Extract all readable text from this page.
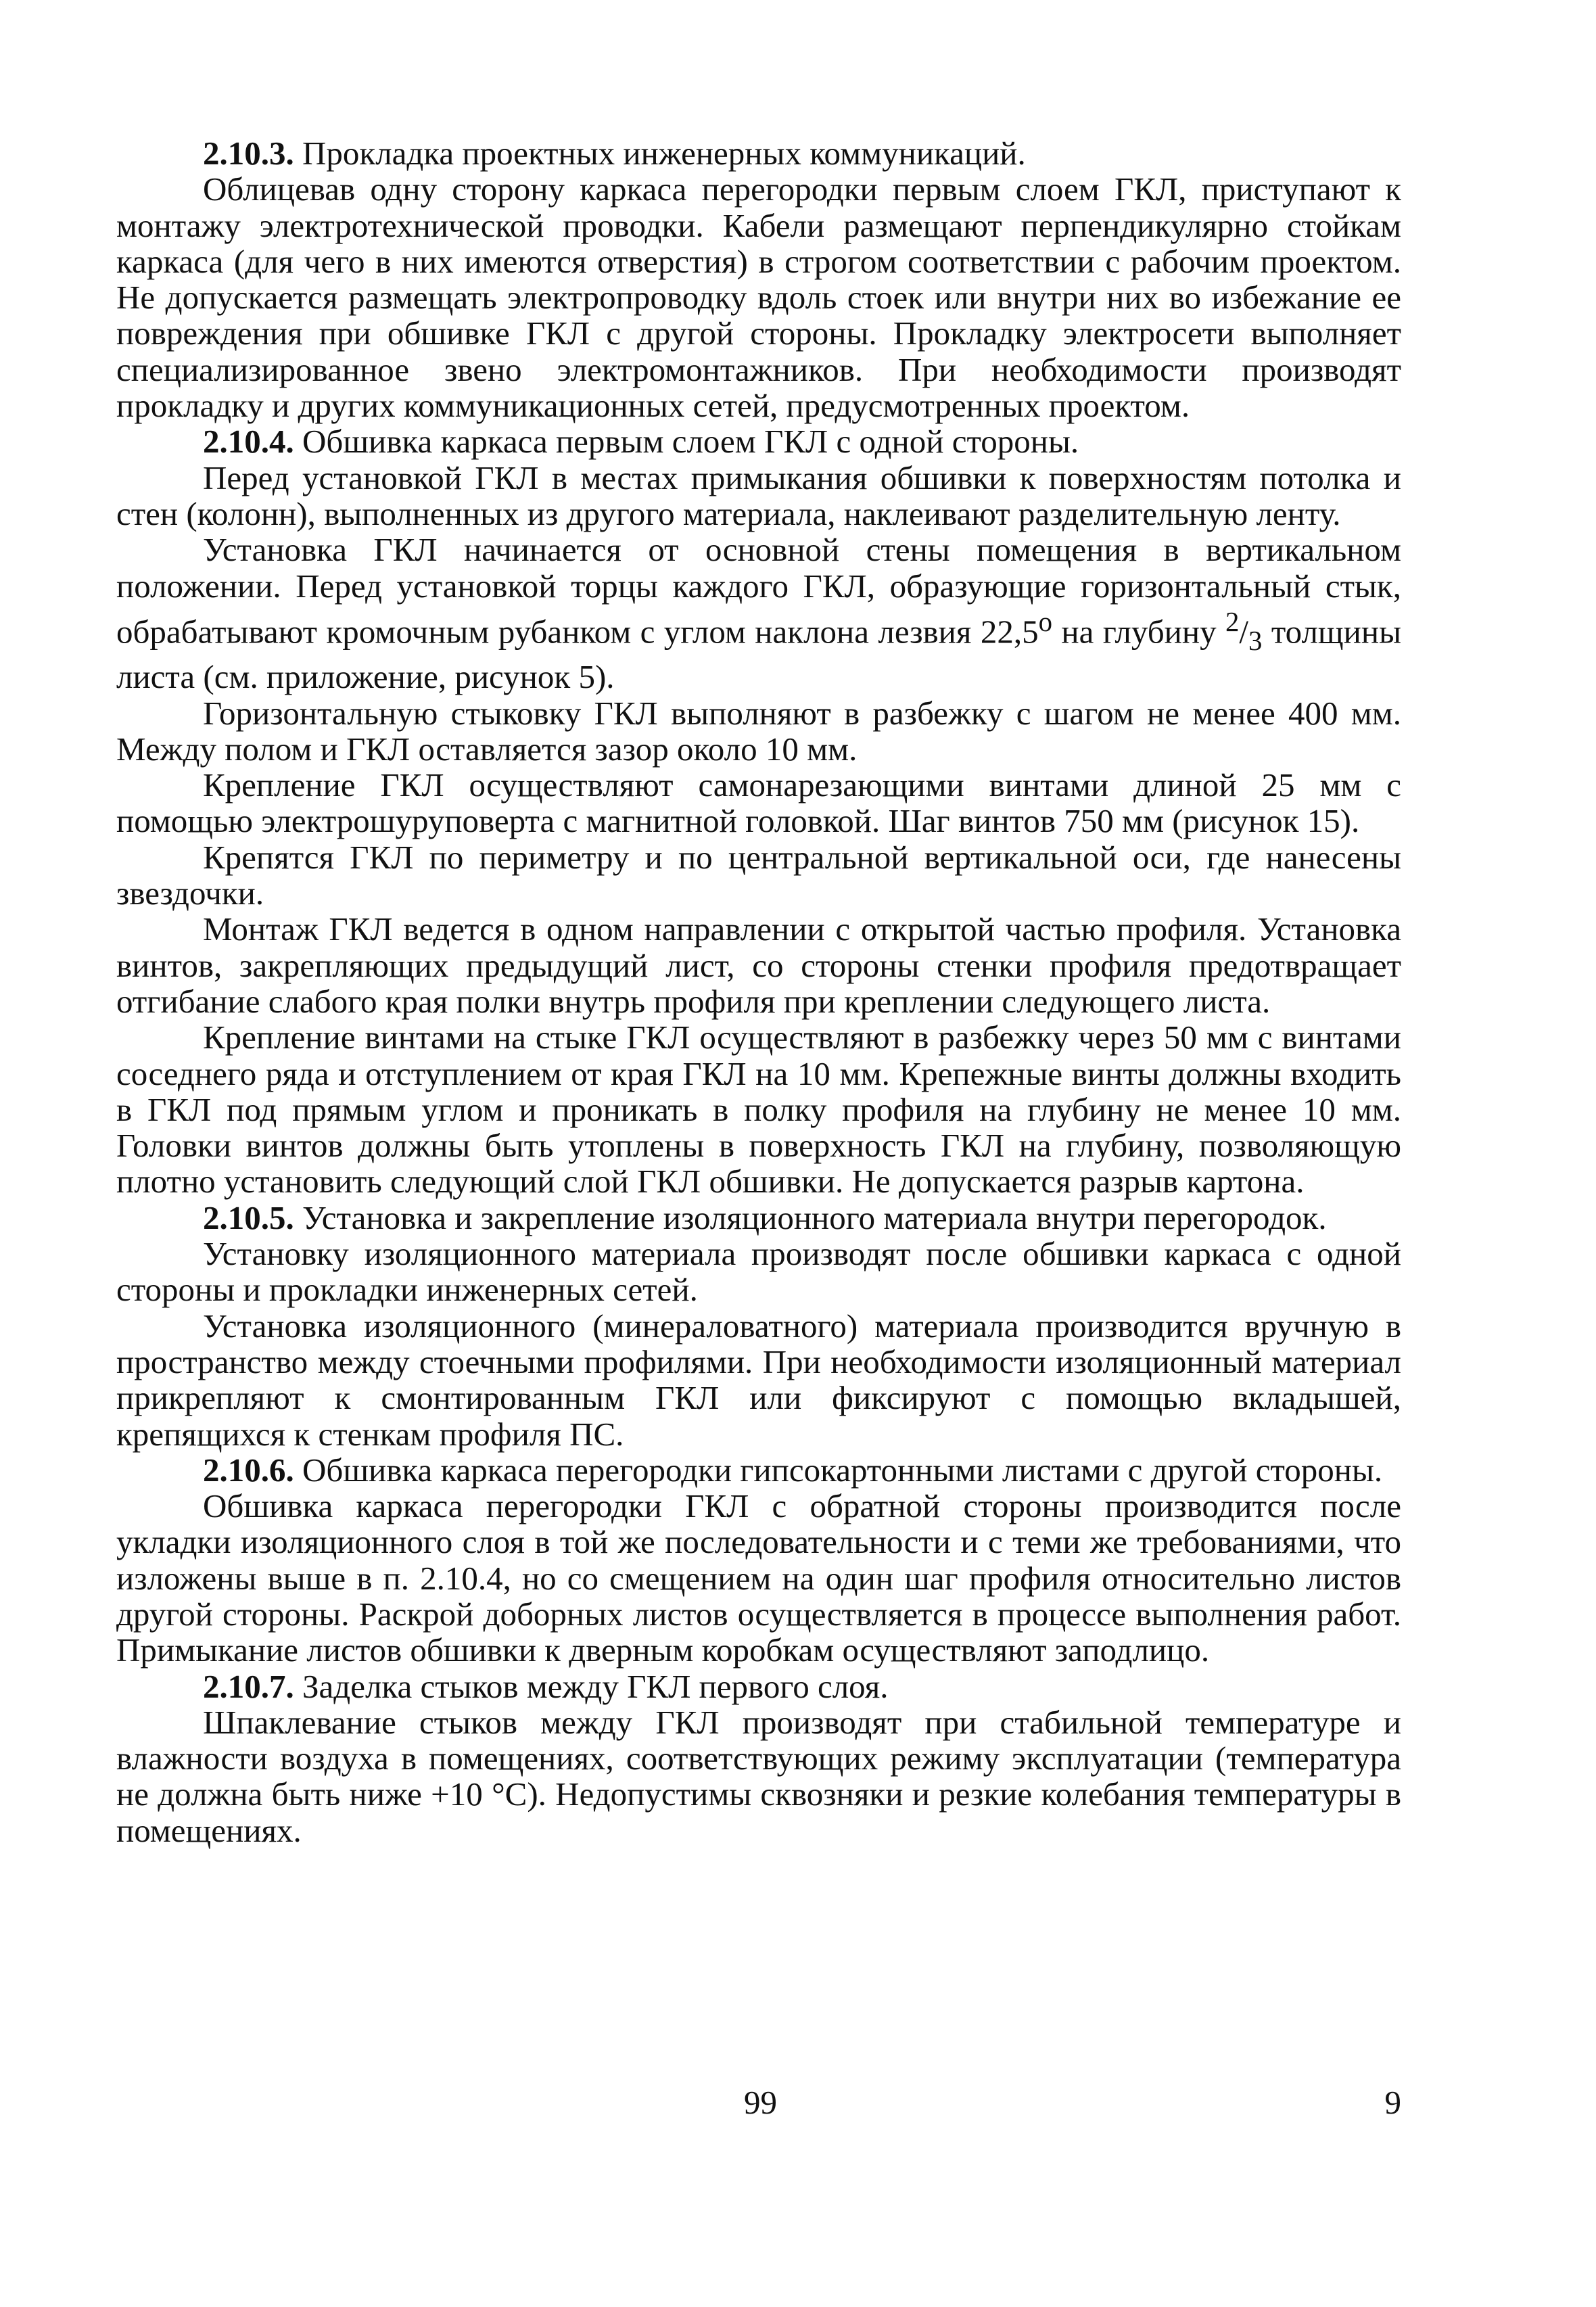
2.10.3. Прокладка проектных инженерных коммуникаций.

Облицевав одну сторону каркаса перегородки первым слоем ГКЛ, приступают к монтажу электротехнической проводки. Кабели размещают перпендикулярно стойкам каркаса (для чего в них имеются отверстия) в строгом соответствии с рабочим проектом. Не допускается размещать электропроводку вдоль стоек или внутри них во избежание ее повреждения при обшивке ГКЛ с другой стороны. Прокладку электросети выполняет специализированное звено электромонтажников. При необходимости производят прокладку и других коммуникационных сетей, предусмотренных проектом.

2.10.4. Обшивка каркаса первым слоем ГКЛ с одной стороны.

Перед установкой ГКЛ в местах примыкания обшивки к поверхностям потолка и стен (колонн), выполненных из другого материала, наклеивают разделительную ленту.

Установка ГКЛ начинается от основной стены помещения в вертикальном положении. Перед установкой торцы каждого ГКЛ, образующие горизонтальный стык, обрабатывают кромочным рубанком с углом наклона лезвия $22,5^о$ на глубину $^2/_3$ толщины листа (см. приложение, рисунок 5).

Горизонтальную стыковку ГКЛ выполняют в разбежку с шагом не менее 400 мм. Между полом и ГКЛ оставляется зазор около 10 мм.

Крепление ГКЛ осуществляют самонарезающими винтами длиной 25 мм с помощью электрошуруповерта с магнитной головкой. Шаг винтов 750 мм (рисунок 15).

Крепятся ГКЛ по периметру и по центральной вертикальной оси, где нанесены звездочки.

Монтаж ГКЛ ведется в одном направлении с открытой частью профиля. Установка винтов, закрепляющих предыдущий лист, со стороны стенки профиля предотвращает отгибание слабого края полки внутрь профиля при креплении следующего листа.

Крепление винтами на стыке ГКЛ осуществляют в разбежку через 50 мм с винтами соседнего ряда и отступлением от края ГКЛ на 10 мм. Крепежные винты должны входить в ГКЛ под прямым углом и проникать в полку профиля на глубину не менее 10 мм. Головки винтов должны быть утоплены в поверхность ГКЛ на глубину, позволяющую плотно установить следующий слой ГКЛ обшивки. Не допускается разрыв картона.

2.10.5. Установка и закрепление изоляционного материала внутри перегородок.

Установку изоляционного материала производят после обшивки каркаса с одной стороны и прокладки инженерных сетей.

Установка изоляционного (минераловатного) материала производится вручную в пространство между стоечными профилями. При необходимости изоляционный материал прикрепляют к смонтированным ГКЛ или фиксируют с помощью вкладышей, крепящихся к стенкам профиля ПС.

2.10.6. Обшивка каркаса перегородки гипсокартонными листами с другой стороны.

Обшивка каркаса перегородки ГКЛ с обратной стороны производится после укладки изоляционного слоя в той же последовательности и с теми же требованиями, что изложены выше в п. 2.10.4, но со смещением на один шаг профиля относительно листов другой стороны. Раскрой доборных листов осуществляется в процессе выполнения работ. Примыкание листов обшивки к дверным коробкам осуществляют заподлицо.

2.10.7. Заделка стыков между ГКЛ первого слоя.

Шпаклевание стыков между ГКЛ производят при стабильной температуре и влажности воздуха в помещениях, соответствующих режиму эксплуатации (температура не должна быть ниже +10 °С). Недопустимы сквозняки и резкие колебания температуры в помещениях.

99	9
